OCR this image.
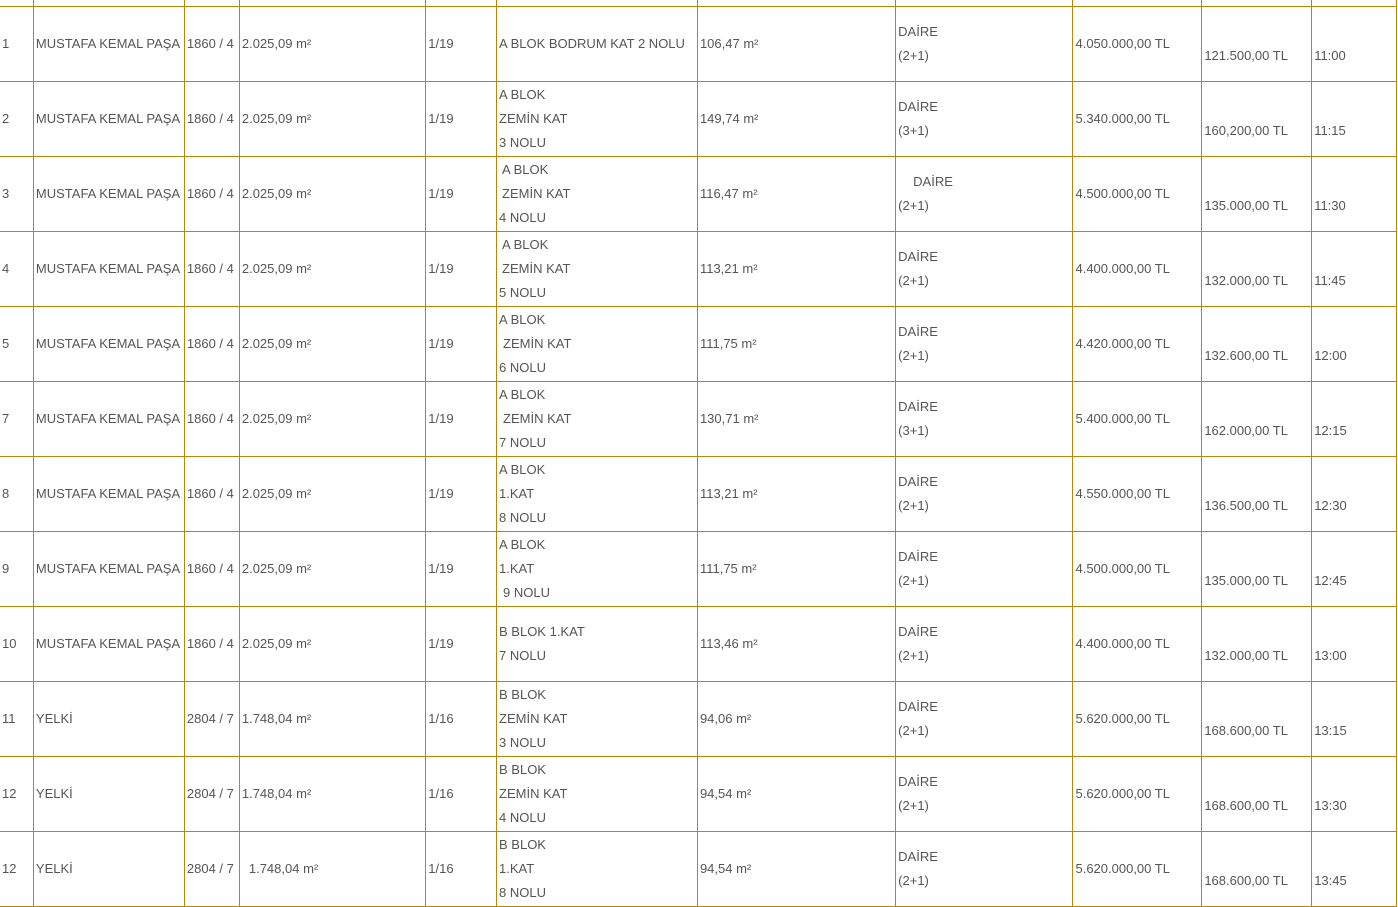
1	MUSTAFA KEMAL PAŞA	1860 / 4	2.025,09 m²	1/19	A BLOK BODRUM KAT 2 NOLU	106,47 m²	DAİRE
(2+1)	4.050.000,00 TL	121.500,00 TL	11:00
2	MUSTAFA KEMAL PAŞA	1860 / 4	2.025,09 m²	1/19	A BLOK
ZEMİN KAT
3 NOLU	149,74 m²	DAİRE
(3+1)	5.340.000,00 TL	160,200,00 TL	11:15
3	MUSTAFA KEMAL PAŞA	1860 / 4	2.025,09 m²	1/19	A BLOK
ZEMİN KAT
4 NOLU	116,47 m²	DAİRE
(2+1)	4.500.000,00 TL	135.000,00 TL	11:30
4	MUSTAFA KEMAL PAŞA	1860 / 4	2.025,09 m²	1/19	A BLOK
ZEMİN KAT
5 NOLU	113,21 m²	DAİRE
(2+1)	4.400.000,00 TL	132.000,00 TL	11:45
5	MUSTAFA KEMAL PAŞA	1860 / 4	2.025,09 m²	1/19	A BLOK
ZEMİN KAT
6 NOLU	111,75 m²	DAİRE
(2+1)	4.420.000,00 TL	132.600,00 TL	12:00
7	MUSTAFA KEMAL PAŞA	1860 / 4	2.025,09 m²	1/19	A BLOK
ZEMİN KAT
7 NOLU	130,71 m²	DAİRE
(3+1)	5.400.000,00 TL	162.000,00 TL	12:15
8	MUSTAFA KEMAL PAŞA	1860 / 4	2.025,09 m²	1/19	A BLOK
1.KAT
8 NOLU	113,21 m²	DAİRE
(2+1)	4.550.000,00 TL	136.500,00 TL	12:30
9	MUSTAFA KEMAL PAŞA	1860 / 4	2.025,09 m²	1/19	A BLOK
1.KAT
9 NOLU	111,75 m²	DAİRE
(2+1)	4.500.000,00 TL	135.000,00 TL	12:45
10	MUSTAFA KEMAL PAŞA	1860 / 4	2.025,09 m²	1/19	B BLOK 1.KAT
7 NOLU	113,46 m²	DAİRE
(2+1)	4.400.000,00 TL	132.000,00 TL	13:00
11	YELKİ	2804 / 7	1.748,04 m²	1/16	B BLOK
ZEMİN KAT
3 NOLU	94,06 m²	DAİRE
(2+1)	5.620.000,00 TL	168.600,00 TL	13:15
12	YELKİ	2804 / 7	1.748,04 m²	1/16	B BLOK
ZEMİN KAT
4 NOLU	94,54 m²	DAİRE
(2+1)	5.620.000,00 TL	168.600,00 TL	13:30
12	YELKİ	2804 / 7	1.748,04 m²	1/16	B BLOK
1.KAT
8 NOLU	94,54 m²	DAİRE
(2+1)	5.620.000,00 TL	168.600,00 TL	13:45
